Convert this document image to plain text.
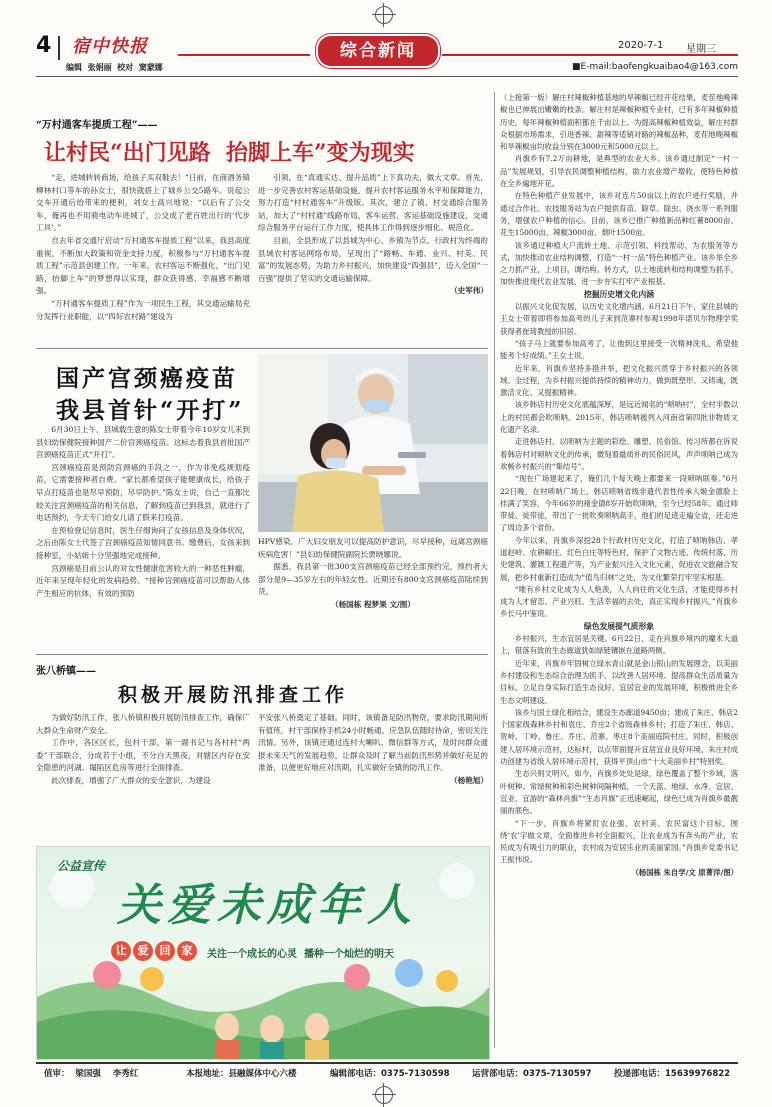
4 宿中快报
编辑  张娟丽  校对  窦蒙娜
综合新闻	2020-7-1 星期三
■E-mail:baofengkuaibao4@163.com
“万村通客车提质工程”——
让村民“出门见路  抬脚上车”变为现实

“走，进城转转商场，给孩子买双鞋去！”日前，在商酒务镇柳林村口等车的孙女士，很快就搭上了城乡公交5路车。说起公交车开通后给带来的便利，刘女士高兴地说：“以后有了公交车，俺再也不用骑电动车进城了，公交成了老百姓出行的‘代步工具’。”

自去年省交通厅启动“万村通客车提质工程”以来，我县高度重视，不断加大政策和资金支持力度，积极参与“万村通客车提质工程”示范县创建工作。一年来，农村客运不断强化，“出门见路，抬脚上车”的梦想得以实现，群众获得感、幸福感不断增强。

“万村通客车提质工程”作为一项民生工程，其交通运输局充分发挥行业职能，以“四好农村路”建设为

引领，在“真通实达、提升品质”上下真功夫，做大文章。首先，进一步完善农村客运基础设施，提升农村客运服务水平和保障能力，努力打造“村村通客车”升级版。其次，建立了镇、村交通综合服务站，加大了“村村通”线路布局，客车运营、客运基础设施建设、交通综合服务平台运行工作力度，使具体工作得到逐步细化、规范化。

目前，全县形成了以县城为中心、乡镇为节点、行政村为终端的县域农村客运网络布局，呈现出了“路畅、车通、业兴、村美、民富”的发展态势，为助力乡村振兴，加快建设“四强县”，迈入全国“一百强”提供了坚实的交通运输保障。

（史军伟）

国产宫颈癌疫苗
我县首针“开打”

6月30日上午，县城载生意的陈女士带着今年10岁女儿来到县妇幼保健院接种国产二价宫颈癌疫苗。这标志着我县首批国产宫颈癌疫苗正式“开打”。

宫颈癌疫苗是预防宫颈癌的手段之一，作为非免疫规划疫苗，它需要接种者自费。“家长都希望孩子能健康成长，给孩子早点打疫苗也是尽早预防，尽早防护。”陈女士说，自己一直都比较关注宫颈癌疫苗的相关信息，了解到疫苗已到我县，就进行了电话预约，今天专门给女儿请了假来打疫苗。

在预检登记信息时，医生仔细询问了女孩信息及身体状况，之后由陈女士代签了宫颈癌疫苗知情同意书。缴费后，女孩来到接种室，小姑娘十分坚强地完成接种。

宫颈癌是目前公认的对女性健康危害较大的一种恶性肿瘤，近年来呈现年轻化的发病趋势。“接种宫颈癌疫苗可以帮助人体产生相应的抗体，有效的预防

HPV感染。广大妇女朋友可以提高防护意识，尽早接种，远离宫颈癌疾病危害！”县妇幼保健院副院长贾晓娜说。

据悉，我县第一批300支宫颈癌疫苗已经全部预约完，预约者大部分是9—35岁左右的年轻女性。近期还有800支宫颈癌疫苗陆续到货。

（杨国栋 程梦果 文/图）

张八桥镇——
积极开展防汛排查工作

为做好防汛工作，张八桥镇积极开展防汛排查工作，确保广大群众生命财产安全。

工作中，各区区长，包村干部，第一副书记与各村村“两委”干部联合，分成若干小组，不分白天黑夜，对辖区内存在安全隐患的河湖、塌陷区危房等进行全面排查。

此次排查，增强了广大群众的安全意识，为建设

平安张八桥奠定了基础。同时，该镇备足防汛物资，要求防汛期间所有值班，村干部保持手机24小时畅通，应急队伍随时待命，密切关注汛情。另外，该镇还通过连村大喇叭、微信群等方式，及时向群众通报未来天气的发展趋势，让群众及时了解当前防汛形势并做好充足的准备，以便更好地应对汛期，扎实做好全镇的防汛工作。

（杨艳旭）

公益宣传
关爱未成年人
让	爱	回	家	关注一个成长的心灵  播种一个灿烂的明天

（上接第一版）解庄村辣椒种植基地的旱辣椒已经开花结果，麦茬地晚辣椒也已伸展出嫩嫩的枝条。解庄村是辣椒种植专业村，已有多年辣椒种植历史，每年辣椒种植面积都在千亩以上。为提高辣椒种植效益，解庄村群众根据市场需求，引进香辣、甜辣等适销对路的辣椒品种，麦茬地晚辣椒和旱辣椒亩均收益分别在3000元和5000元以上。

肖旗乡有7.2万亩耕地，是典型的农业大乡。该乡通过制定“一村一品”发展规划，引导农民调整种植结构，助力农业增产增收，使特色种植在全乡遍地开花。

在特色种植产业发展中，该乡对连片50亩以上的农户进行奖励，并通过合作社、农技服务站为农户提供育苗、除草、除虫、浇水等一系列服务，增强农户种植的信心。目前，该乡已推广种植新品种红薯8000亩、花生15000亩、辣椒3000亩、烟叶1500亩。

该乡通过种植大户流转土地、示范引领、科技帮动、为农服务等方式，加快推动农业结构调整，打造“一村一品”特色种植产业。该乡举全乡之力抓产业，上项目，调结构，转方式，以土地流转和结构调整为抓手，加快推进现代农业发展，进一步夯实打牢产业根基。

挖掘历史增文化内涵

以振兴文化促发展，以历史文化增内涵。6月21日下午，家住县城的王女士带着即将参加高考的儿子来到范寨村参观1998年诺贝尔物理学奖获得者崔琦教授的旧居。

“孩子马上就要参加高考了，让他到这里接受一次精神洗礼，希望他能考个好成绩。”王女士说。

近年来，肖旗乡坚持多措并举，把文化振兴贯穿于乡村振兴的各领域、全过程，为乡村振兴提供持续的精神动力，做到既塑形、又铸魂，既激活文化、又提振精神。

该乡韩店村历史文化底蕴深厚，是远近闻名的“唢呐村”，全村半数以上的村民都会吹唢呐。2015年，韩店唢呐被列入河南省第四批非物质文化遗产名录。

走进韩店村，以唢呐为主题的彩绘、雕塑、民俗馆、传习所都在诉说着韩店村对唢呐文化的传承，微刻着最质朴的民俗民风，声声唢呐已成为欢畅乡村振兴的“集结号”。

“现在广场建起来了，俺们几个每天晚上都要来一段唢呐联奏。”6月22日晚，在村唢呐广场上，韩店唢呐省级非遗代表性传承人姬金德脸上挂满了笑容，今年66岁的褚金德8岁开始吹唢呐，至今已经58年。通过师带徒、徒带徒，带出了一批吹奏唢呐高手，他们的足迹走遍全省，还走进了周边多个省份。

今年以来，肖旗乡深挖28个行政村历史文化，打造了唢呐韩店、孝道赵岭、农耕解庄、红色白庄等特色村，保护了文物古迹、传统村落、历史建筑、灌溉工程遗产等，为产业振兴注入文化元素，促进农文旅融合发展，把乡村重新打造成为“值鸟归林”之处，为文化繁荣打牢坚实根基。

“唯有乡村文化成为人人艳羡，人人向往的文化生活，才能使得乡村成为人才留恋、产业兴旺、生活幸福的去处，真正实现乡村振兴。”肖旗乡乡长马中鉴说。

绿色发展提气质形象

乡村振兴，生态宜居是关键。6月22日，走在肖旗乡境内的魔术大道上，错落有致的生态廊道犹如绿链镶嵌在道路两侧。

近年来，肖旗乡牢固树立绿水青山就是金山银山的发展理念，以美丽乡村建设和生态综合治理为抓手，以改善人居环境、提高群众生活质量为目标，立足自身实际打造生态良好、宜居宜业的发展环境，积极推进全乡生态文明建设。

该乡与国土绿化相结合，建设生态廊道9450亩；建成了朱庄、韩店2个国家级森林乡村和袁庄、乔庄2个省级森林乡村；打造了朱庄、韩店、贺岭、丁岭、鲁庄、乔庄、范寨、枣庄8个美丽庭院村庄。同时，积极创建人居环境示范村，达标村，以点带面提升宜居宜业良好环境。朱庄村成功创建为省级人居环境示范村，获得平顶山市“十大美丽乡村”特别奖。

生态兴则文明兴。如今，肖旗乡处处是绿，绿色覆盖了整个乡域，落叶树种、常绿树种和彩色树种间隔种植，一个天蓝、地绿、水净、宜居、宜业、宜游的“森林肖旗”“生态肖旗”正迅速崛起，绿色已成为肖旗乡最靓丽的底色。

“下一步，肖旗乡将紧盯农业强、农村美、农民富这个目标，围绕‘农’字做文章，全面推进乡村全面振兴，让农业成为有奔头的产业，农民成为有吸引力的职业，农村成为安居乐业的美丽家园。”肖旗乡党委书记王振伟说。

（杨国栋 朱自学/文 原菁洋/图）

值审：  梁国强    李秀红	本报地址：县融媒体中心六楼	编辑部电话：0375-7130598	运营部电话：0375-7130597	投递部电话：15639976822
